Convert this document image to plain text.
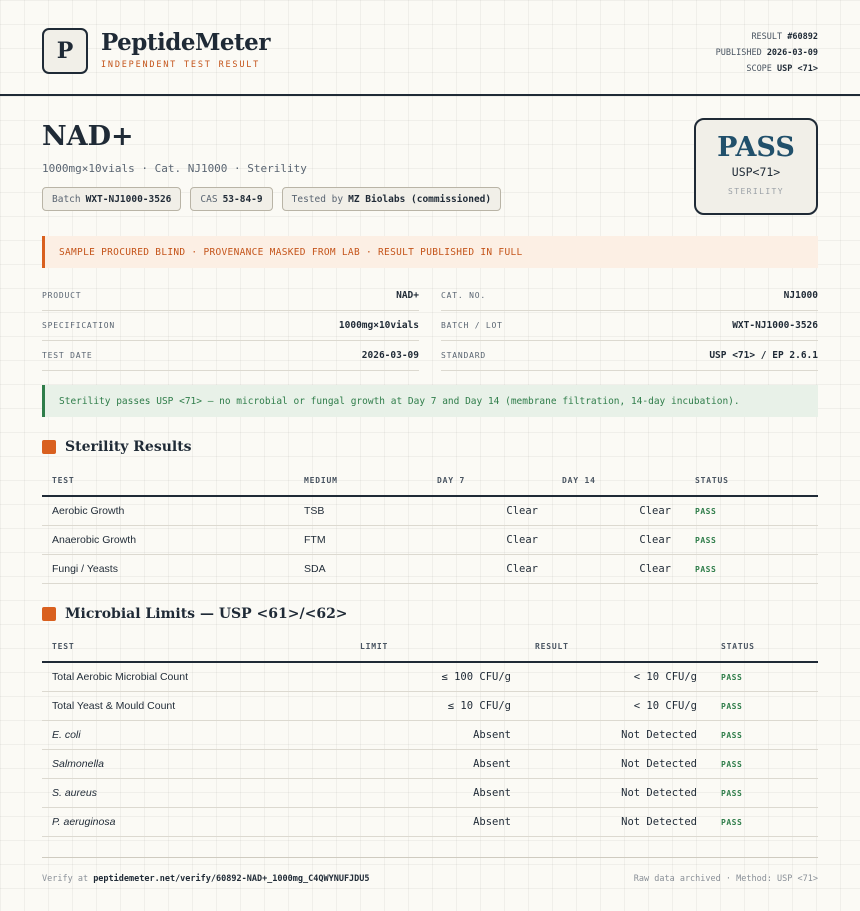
P PeptideMeter
INDEPENDENT TEST RESULT
RESULT #60892
PUBLISHED 2026-03-09
SCOPE USP <71>
NAD+
1000mg×10vials · Cat. NJ1000 · Sterility
Batch WXT-NJ1000-3526	CAS 53-84-9	Tested by MZ Biolabs (commissioned)
PASS
USP<71>
STERILITY
SAMPLE PROCURED BLIND · PROVENANCE MASKED FROM LAB · RESULT PUBLISHED IN FULL
PRODUCT	NAD+
SPECIFICATION	1000mg×10vials
TEST DATE	2026-03-09
CAT. NO.	NJ1000
BATCH / LOT	WXT-NJ1000-3526
STANDARD	USP <71> / EP 2.6.1
Sterility passes USP <71> — no microbial or fungal growth at Day 7 and Day 14 (membrane filtration, 14-day incubation).
Sterility Results
TEST	MEDIUM	DAY 7	DAY 14	STATUS
Aerobic Growth	TSB	Clear	Clear	PASS
Anaerobic Growth	FTM	Clear	Clear	PASS
Fungi / Yeasts	SDA	Clear	Clear	PASS
Microbial Limits — USP <61>/<62>
TEST	LIMIT	RESULT	STATUS
Total Aerobic Microbial Count	≤ 100 CFU/g	< 10 CFU/g	PASS
Total Yeast & Mould Count	≤ 10 CFU/g	< 10 CFU/g	PASS
E. coli	Absent	Not Detected	PASS
Salmonella	Absent	Not Detected	PASS
S. aureus	Absent	Not Detected	PASS
P. aeruginosa	Absent	Not Detected	PASS
Verify at peptidemeter.net/verify/60892-NAD+_1000mg_C4QWYNUFJDU5	Raw data archived · Method: USP <71>
